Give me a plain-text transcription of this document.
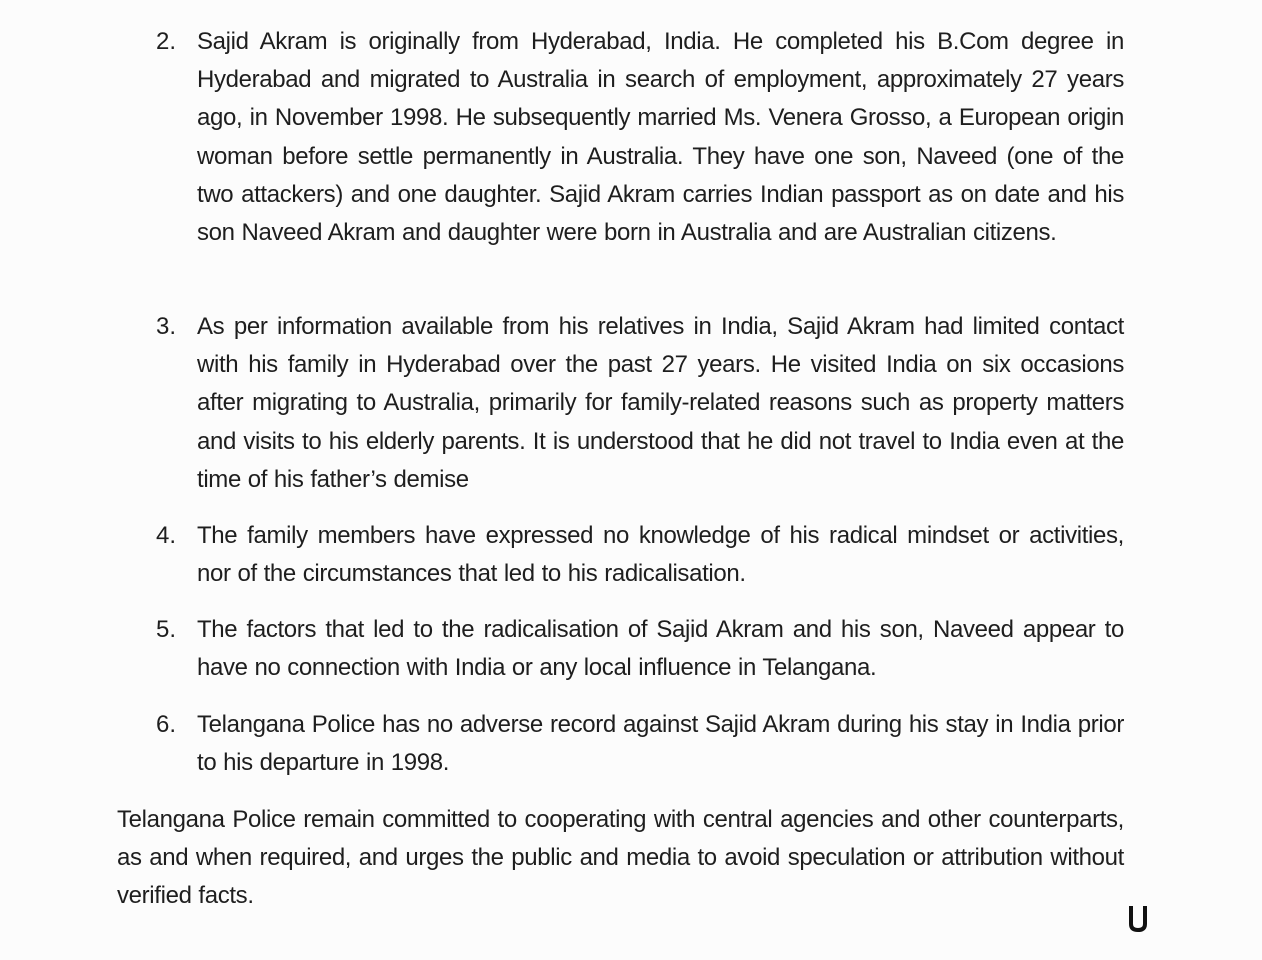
2. Sajid Akram is originally from Hyderabad, India. He completed his B.Com degree in Hyderabad and migrated to Australia in search of employment, approximately 27 years ago, in November 1998. He subsequently married Ms. Venera Grosso, a European origin woman before settle permanently in Australia. They have one son, Naveed (one of the two attackers) and one daughter. Sajid Akram carries Indian passport as on date and his son Naveed Akram and daughter were born in Australia and are Australian citizens.
3. As per information available from his relatives in India, Sajid Akram had limited contact with his family in Hyderabad over the past 27 years. He visited India on six occasions after migrating to Australia, primarily for family-related reasons such as property matters and visits to his elderly parents. It is understood that he did not travel to India even at the time of his father’s demise
4. The family members have expressed no knowledge of his radical mindset or activities, nor of the circumstances that led to his radicalisation.
5. The factors that led to the radicalisation of Sajid Akram and his son, Naveed appear to have no connection with India or any local influence in Telangana.
6. Telangana Police has no adverse record against Sajid Akram during his stay in India prior to his departure in 1998.

Telangana Police remain committed to cooperating with central agencies and other counterparts, as and when required, and urges the public and media to avoid speculation or attribution without verified facts.
